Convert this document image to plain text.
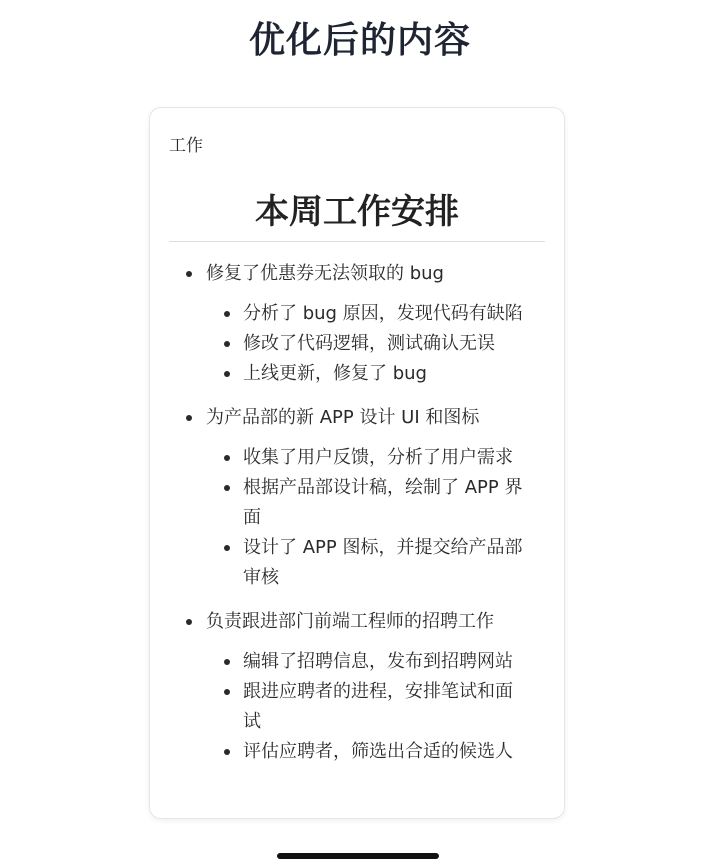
优化后的内容
工作
本周工作安排
修复了优惠券无法领取的 bug
分析了 bug 原因，发现代码有缺陷
修改了代码逻辑，测试确认无误
上线更新，修复了 bug
为产品部的新 APP 设计 UI 和图标
收集了用户反馈，分析了用户需求
根据产品部设计稿，绘制了 APP 界面
设计了 APP 图标，并提交给产品部审核
负责跟进部门前端工程师的招聘工作
编辑了招聘信息，发布到招聘网站
跟进应聘者的进程，安排笔试和面试
评估应聘者，筛选出合适的候选人
